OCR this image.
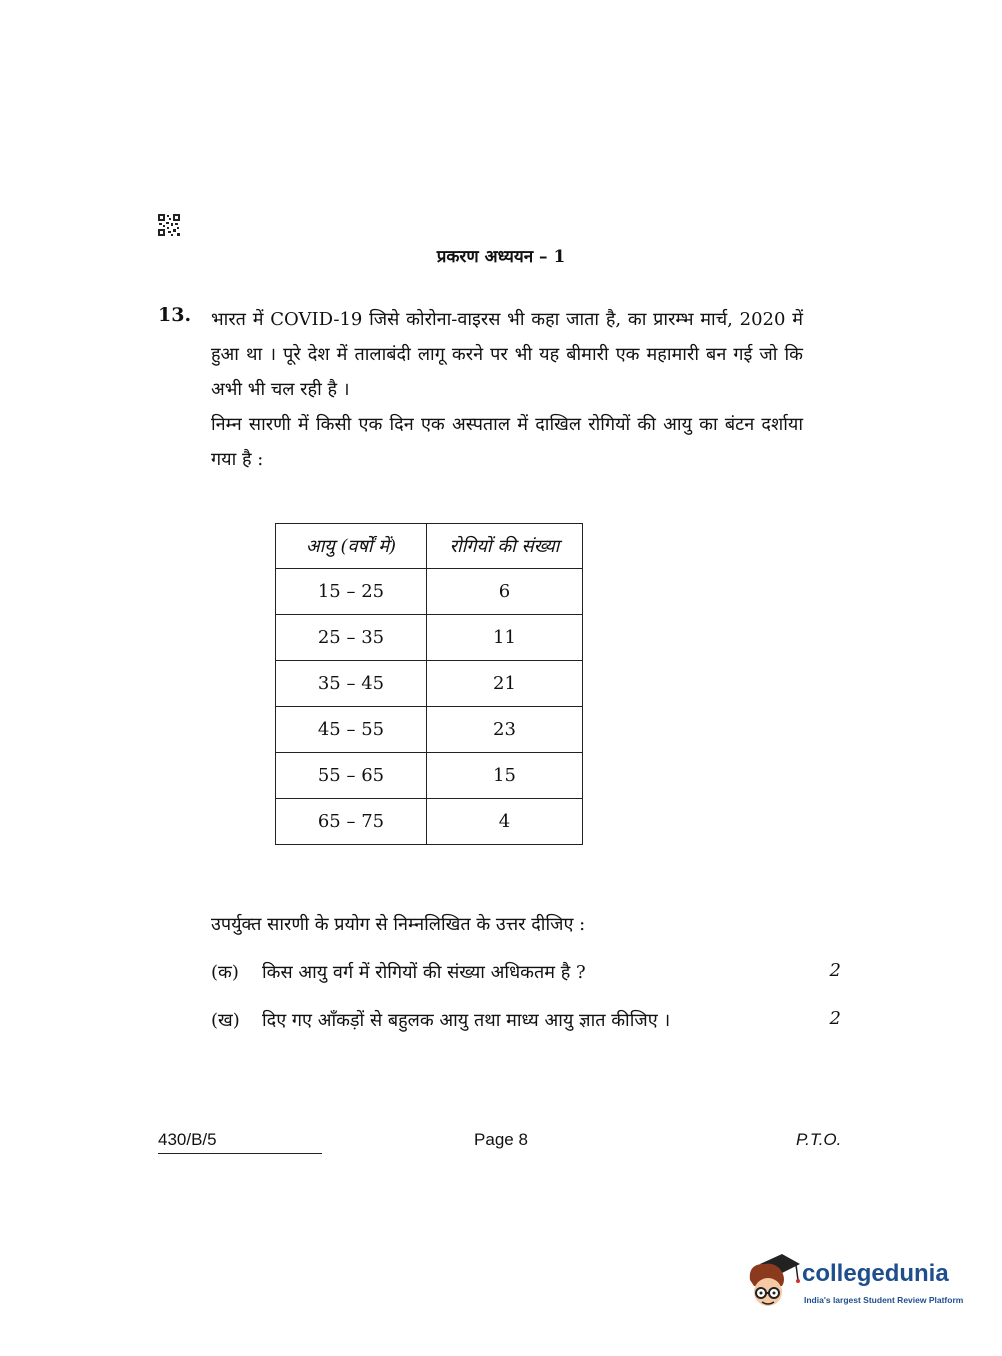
प्रकरण अध्ययन – 1
13. भारत में COVID-19 जिसे कोरोना-वाइरस भी कहा जाता है, का प्रारम्भ मार्च, 2020 में हुआ था । पूरे देश में तालाबंदी लागू करने पर भी यह बीमारी एक महामारी बन गई जो कि अभी भी चल रही है ।

निम्न सारणी में किसी एक दिन एक अस्पताल में दाखिल रोगियों की आयु का बंटन दर्शाया गया है :

आयु (वर्षों में)	रोगियों की संख्या
15 – 25	6
25 – 35	11
35 – 45	21
45 – 55	23
55 – 65	15
65 – 75	4
उपर्युक्त सारणी के प्रयोग से निम्नलिखित के उत्तर दीजिए :
(क) किस आयु वर्ग में रोगियों की संख्या अधिकतम है ?	2
(ख) दिए गए आँकड़ों से बहुलक आयु तथा माध्य आयु ज्ञात कीजिए ।	2
430/B/5	Page 8	P.T.O.
collegedunia
India's largest Student Review Platform
